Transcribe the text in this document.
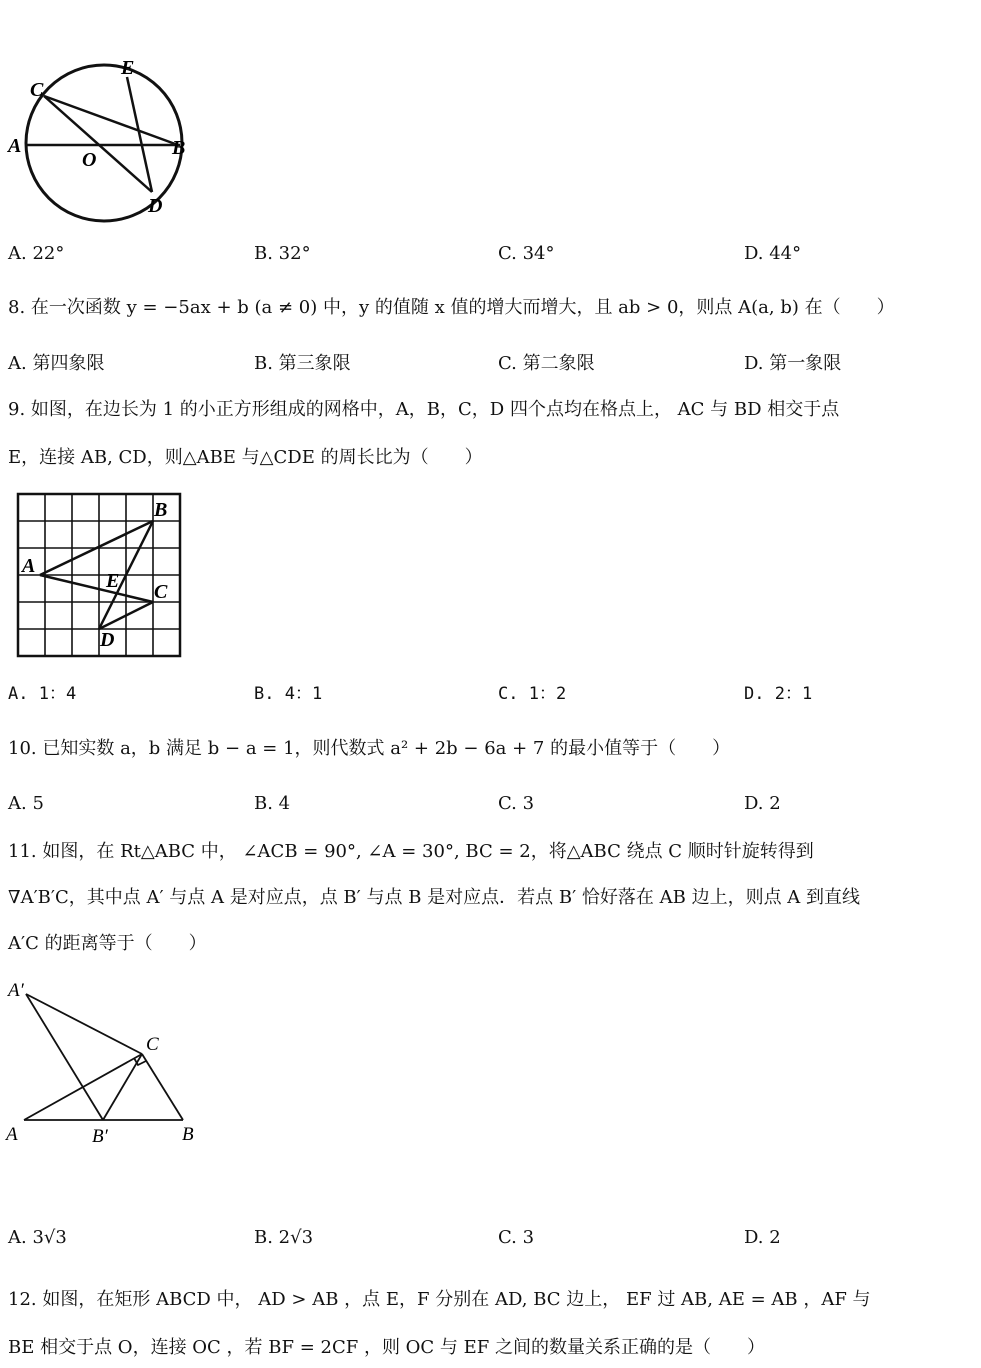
A	B
C
D
E
O
A. 22°	B. 32°	C. 34°	D. 44°
8. 在一次函数 y = −5ax + b (a ≠ 0) 中，y 的值随 x 值的增大而增大，且 ab > 0，则点 A(a, b) 在（　　）
A. 第四象限	B. 第三象限	C. 第二象限	D. 第一象限
9. 如图，在边长为 1 的小正方形组成的网格中，A，B，C，D 四个点均在格点上， AC 与 BD 相交于点
E，连接 AB, CD，则△ABE 与△CDE 的周长比为（　　）
A
B
C
D
E
A. 1：4	B. 4：1	C. 1：2	D. 2：1
10. 已知实数 a，b 满足 b − a = 1，则代数式 a² + 2b − 6a + 7 的最小值等于（　　）
A. 5	B. 4	C. 3	D. 2
11. 如图，在 Rt△ABC 中， ∠ACB = 90°, ∠A = 30°, BC = 2，将△ABC 绕点 C 顺时针旋转得到
∇A′B′C，其中点 A′ 与点 A 是对应点，点 B′ 与点 B 是对应点．若点 B′ 恰好落在 AB 边上，则点 A 到直线
A′C 的距离等于（　　）
A′
C
A	B′	B
A. 3√3	B. 2√3	C. 3	D. 2
12. 如图，在矩形 ABCD 中， AD > AB ，点 E，F 分别在 AD, BC 边上， EF 过 AB, AE = AB ，AF 与
BE 相交于点 O，连接 OC ，若 BF = 2CF ，则 OC 与 EF 之间的数量关系正确的是（　　）
